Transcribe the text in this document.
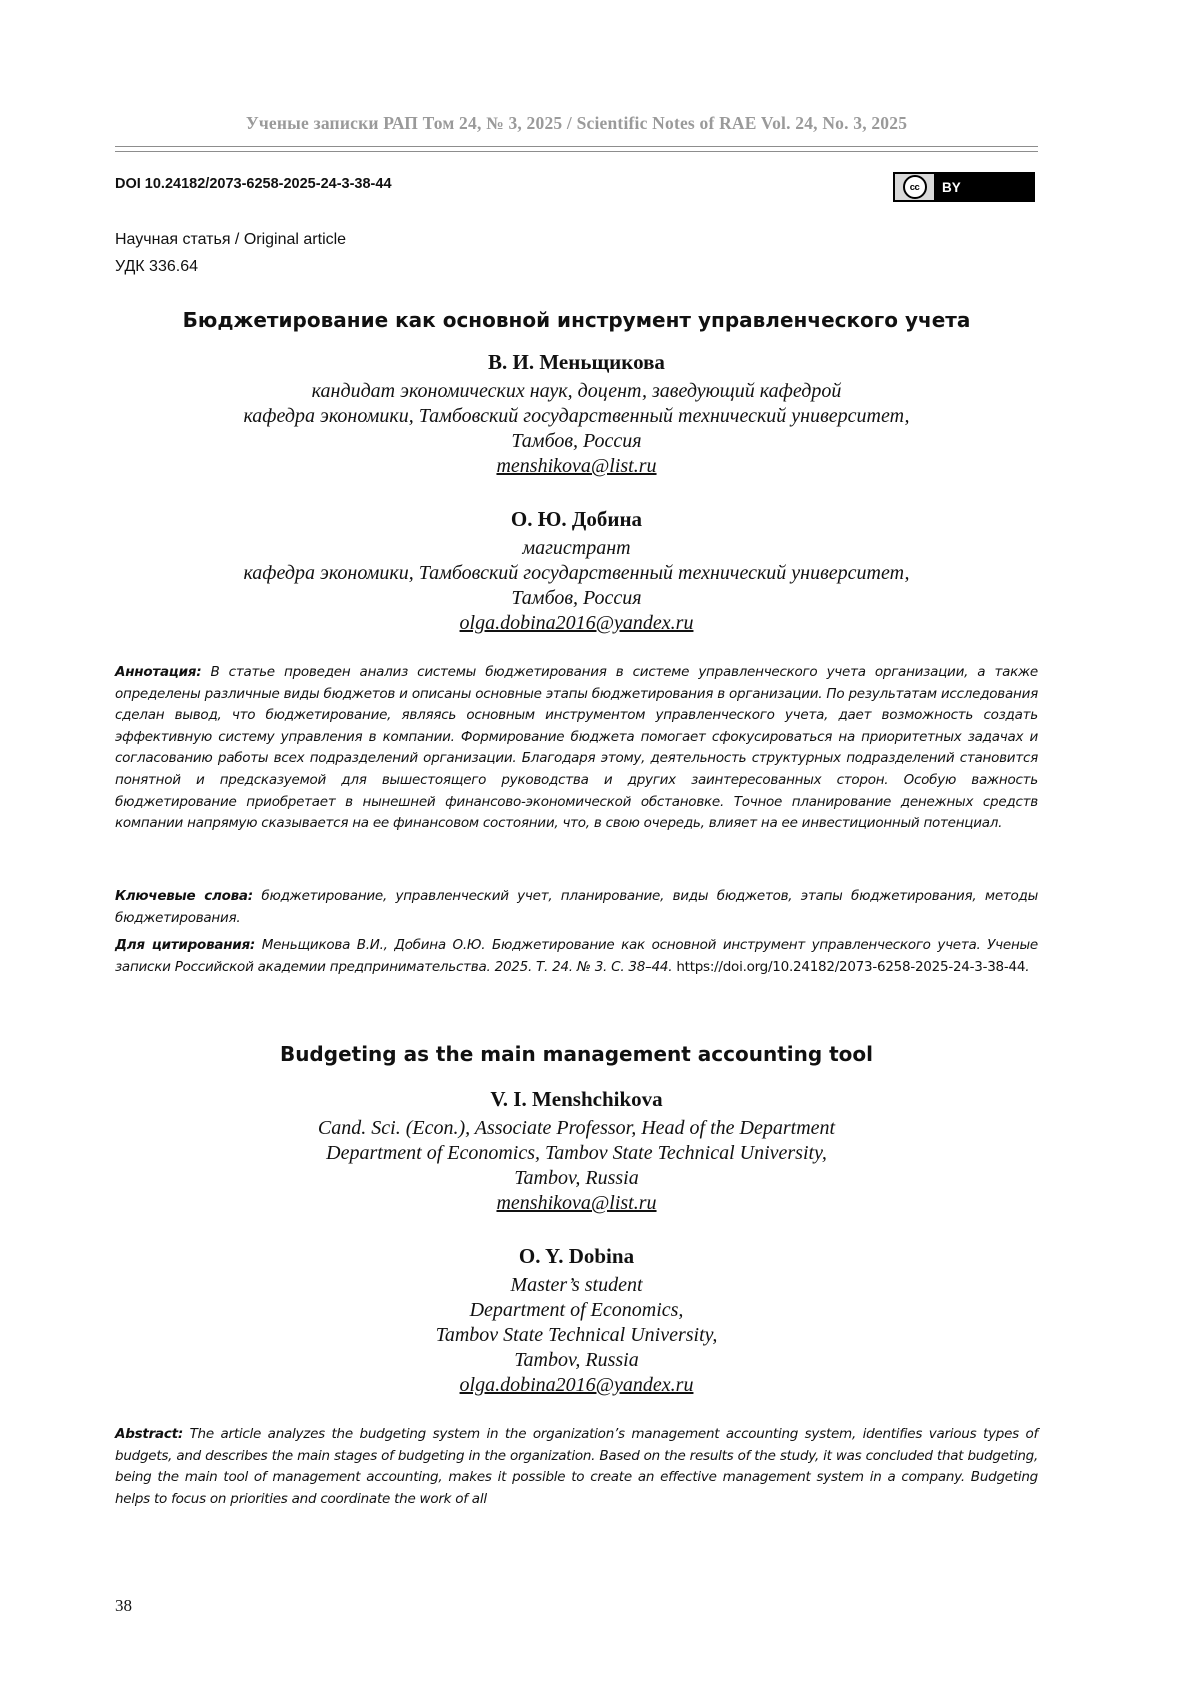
Ученые записки РАП Том 24, № 3, 2025 / Scientific Notes of RAE Vol. 24, No. 3, 2025
DOI 10.24182/2073-6258-2025-24-3-38-44	cc	BY
Научная статья / Original article
УДК 336.64
Бюджетирование как основной инструмент управленческого учета
В. И. Меньщикова
кандидат экономических наук, доцент, заведующий кафедрой
кафедра экономики, Тамбовский государственный технический университет,
Тамбов, Россия
menshikova@list.ru
О. Ю. Добина
магистрант
кафедра экономики, Тамбовский государственный технический университет,
Тамбов, Россия
olga.dobina2016@yandex.ru
Аннотация: В статье проведен анализ системы бюджетирования в системе управленческого учета организации, а также определены различные виды бюджетов и описаны основные этапы бюджетирования в организации. По результатам исследования сделан вывод, что бюджетирование, являясь основным инструментом управленческого учета, дает возможность создать эффективную систему управления в компании. Формирование бюджета помогает сфокусироваться на приоритетных задачах и согласованию работы всех подразделений организации. Благодаря этому, деятельность структурных подразделений становится понятной и предсказуемой для вышестоящего руководства и других заинтересованных сторон. Особую важность бюджетирование приобретает в нынешней финансово-экономической обстановке. Точное планирование денежных средств компании напрямую сказывается на ее финансовом состоянии, что, в свою очередь, влияет на ее инвестиционный потенциал.
Ключевые слова: бюджетирование, управленческий учет, планирование, виды бюджетов, этапы бюджетирования, методы бюджетирования.
Для цитирования: Меньщикова В.И., Добина О.Ю. Бюджетирование как основной инструмент управленческого учета. Ученые записки Российской академии предпринимательства. 2025. Т. 24. № 3. С. 38–44. https://doi.org/10.24182/2073-6258-2025-24-3-38-44.
Budgeting as the main management accounting tool
V. I. Menshchikova
Cand. Sci. (Econ.), Associate Professor, Head of the Department
Department of Economics, Tambov State Technical University,
Tambov, Russia
menshikova@list.ru
O. Y. Dobina
Master’s student
Department of Economics,
Tambov State Technical University,
Tambov, Russia
olga.dobina2016@yandex.ru
Abstract: The article analyzes the budgeting system in the organization’s management accounting system, identifies various types of budgets, and describes the main stages of budgeting in the organization. Based on the results of the study, it was concluded that budgeting, being the main tool of management accounting, makes it possible to create an effective management system in a company. Budgeting helps to focus on priorities and coordinate the work of all
38
